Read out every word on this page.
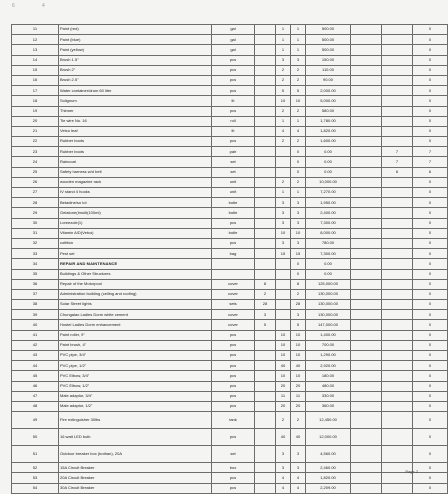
6	4
11	Paint (red)	gal		1	1	500.00			0
12	Paint (blue)	gal		1	1	500.00			0
13	Paint (yellow)	gal		1	1	500.00			0
14	Brush 1.5"	pcs		3	3	150.00			0
15	Brush 2"	pcs		2	2	110.00			0
16	Brush 2.5"	pcs		2	2	90.00			0
17	Water container/drum 60 liter	pcs		5	5	2,000.00			0
18	Solignum	lit		10	10	5,000.00			0
19	Thinner	pcs		2	2	580.00			0
20	Tie wire No. 16	roll		1	1	1,780.00			0
21	Vetco leaf	lit		4	4	1,820.00			0
22	Rubber boots	pcs		2	2	1,600.00			0
23	Rubber boots	pair			0	0.00		7	7
24	Raincoat	set			0	0.00		7	7
25	Safety harness w/d belt	set			0	0.00		6	6
26	wooden magazine rack	unit		2	2	10,000.00			0
27	IV stand 4 hooks	unit		1	1	7,270.00			0
28	Betadine/so tol	botle		3	3	1,950.00			0
29	Gelatone(Imulti(100ml)	botle		3	3	2,400.00			0
30	Loreezole(1)	pcs		3	3	7,300.00			0
31	Vitamin A/D(Vetco)	botle		10	10	8,000.00			0
32	cotttton	pcs		3	3	780.00			0
33	Pest set	bag		15	15	7,300.00			0
34	REPAIR AND MAINTENANCE				0	0.00			0
35	Buildings & Other Structures				0	0.00			0
36	Repair of the Motorpool	cover	8		8	125,000.00			0
37	Administration building (ceiling and roofing)	cover	2		2	130,000.00			0
38	Solar Street lights	sets	28		28	130,000.00			0
39	Chungalao Ladies Dorm white cement	cover	3		3	130,000.00			0
40	Hostel Ladies Dorm enhancement	cover	5		5	147,000.00			0
41	Paint roller, 9"	pcs		10	10	1,400.00			0
42	Paint brush, 4"	pcs		10	10	700.00			0
43	PVC pipe, 3/4"	pcs		10	10	1,290.00			0
44	PVC pipe, 1/2"	pcs		40	40	2,920.00			0
45	PVC Elbow, 3/4"	pcs		10	10	180.00			0
46	PVC Elbow, 1/2"	pcs		20	20	480.00			0
47	Male adaptor, 3/4"	pcs		11	11	330.00			0
48	Male adaptor, 1/2"	pcs		20	20	360.00			0
49	Fire extinguisher 30lbs	tank		2	2	12,450.00			0
50	16 watt LED bulb	pcs		40	40	12,000.00			0
51	Outdoor breaker box (bothan), 20A	set		3	3	4,560.00			0
52	15A Circuit Breaker	box		3	3	2,460.00			0
53	20A Circuit Breaker	pcs		4	4	1,820.00			0
54	30A Circuit Breaker	pcs		4	4	2,209.00			0
Page 2
